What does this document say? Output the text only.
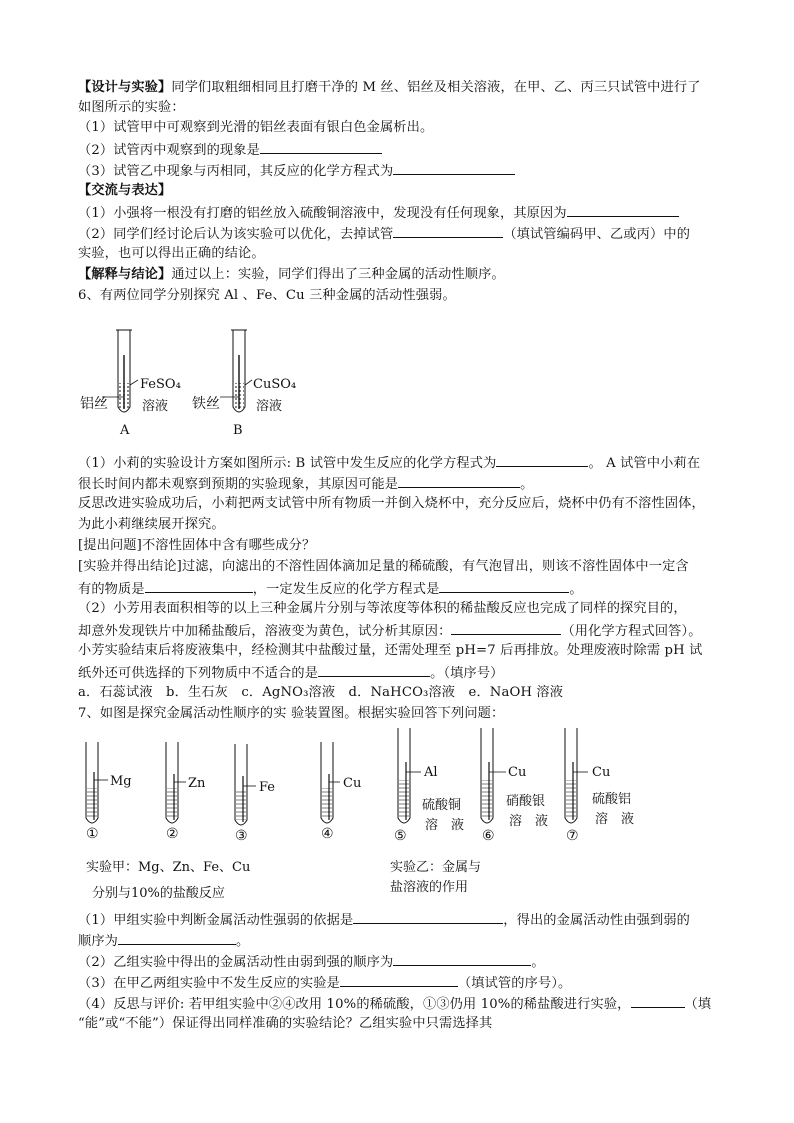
【设计与实验】同学们取粗细相同且打磨干净的 M 丝、铝丝及相关溶液，在甲、乙、丙三只试管中进行了
如图所示的实验：
（1）试管甲中可观察到光滑的铝丝表面有银白色金属析出。
（2）试管丙中观察到的现象是
（3）试管乙中现象与丙相同，其反应的化学方程式为
【交流与表达】
（1）小强将一根没有打磨的铝丝放入硫酸铜溶液中，发现没有任何现象，其原因为
（2）同学们经讨论后认为该实验可以优化，去掉试管	（填试管编码甲、乙或丙）中的
实验，也可以得出正确的结论。
【解释与结论】通过以上：实验，同学们得出了三种金属的活动性顺序。
6、有两位同学分别探究 Al 、Fe、Cu 三种金属的活动性强弱。
FeSO₄
溶液
铝丝
A
CuSO₄
溶液
铁丝
B
（1）小莉的实验设计方案如图所示: B 试管中发生反应的化学方程式为	。 A 试管中小莉在
很长时间内都未观察到预期的实验现象，其原因可能是	。
反思改进实验成功后，小莉把两支试管中所有物质一并倒入烧杯中，充分反应后，烧杯中仍有不溶性固体，
为此小莉继续展开探究。
[提出问题]不溶性固体中含有哪些成分？
[实验并得出结论]过滤，向滤出的不溶性固体滴加足量的稀硫酸，有气泡冒出，则该不溶性固体中一定含
有的物质是	，一定发生反应的化学方程式是	。
（2）小芳用表面积相等的以上三种金属片分别与等浓度等体积的稀盐酸反应也完成了同样的探究目的，
却意外发现铁片中加稀盐酸后，溶液变为黄色，试分析其原因：	（用化学方程式回答）。
小芳实验结束后将废液集中，经检测其中盐酸过量，还需处理至 pH=7 后再排放。处理废液时除需 pH 试
纸外还可供选择的下列物质中不适合的是	。（填序号）
a．石蕊试液　b．生石灰　c．AgNO₃溶液　d．NaHCO₃溶液　e．NaOH 溶液
7、如图是探究金属活动性顺序的实 验装置图。根据实验回答下列问题：
Mg	Zn	Fe	Cu
Al	Cu	Cu
硫酸铜
溶　液
硝酸银
溶　液
硫酸铝
溶　液
①	②	③	④	⑤	⑥	⑦
实验甲：Mg、Zn、Fe、Cu
分别与10%的盐酸反应
实验乙：金属与
盐溶液的作用
（1）甲组实验中判断金属活动性强弱的依据是	，得出的金属活动性由强到弱的
顺序为	。
（2）乙组实验中得出的金属活动性由弱到强的顺序为	。
（3）在甲乙两组实验中不发生反应的实验是	（填试管的序号）。
（4）反思与评价: 若甲组实验中②④改用 10%的稀硫酸，①③仍用 10%的稀盐酸进行实验，	（填
“能”或“不能”）保证得出同样准确的实验结论？乙组实验中只需选择其
